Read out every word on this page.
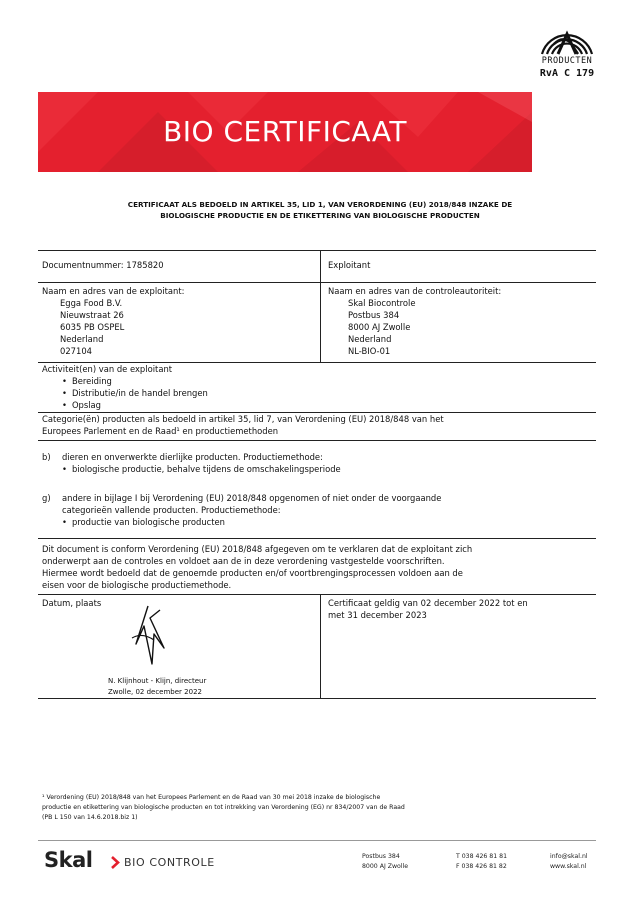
PRODUCTEN
RvA C 179
BIO CERTIFICAAT
CERTIFICAAT ALS BEDOELD IN ARTIKEL 35, LID 1, VAN VERORDENING (EU) 2018/848 INZAKE DE
BIOLOGISCHE PRODUCTIE EN DE ETIKETTERING VAN BIOLOGISCHE PRODUCTEN
Documentnummer: 1785820	Exploitant
Naam en adres van de exploitant:
Egga Food B.V.
Nieuwstraat 26
6035 PB OSPEL
Nederland
027104
Naam en adres van de controleautoriteit:
Skal Biocontrole
Postbus 384
8000 AJ Zwolle
Nederland
NL-BIO-01
Activiteit(en) van de exploitant
• Bereiding
• Distributie/in de handel brengen
• Opslag
Categorie(ën) producten als bedoeld in artikel 35, lid 7, van Verordening (EU) 2018/848 van het
Europees Parlement en de Raad¹ en productiemethoden
b) dieren en onverwerkte dierlijke producten. Productiemethode:
• biologische productie, behalve tijdens de omschakelingsperiode
g) andere in bijlage I bij Verordening (EU) 2018/848 opgenomen of niet onder de voorgaande
categorieën vallende producten. Productiemethode:
• productie van biologische producten
Dit document is conform Verordening (EU) 2018/848 afgegeven om te verklaren dat de exploitant zich
onderwerpt aan de controles en voldoet aan de in deze verordening vastgestelde voorschriften.
Hiermee wordt bedoeld dat de genoemde producten en/of voortbrengingsprocessen voldoen aan de
eisen voor de biologische productiemethode.
Datum, plaats
N. Klijnhout - Klijn, directeur
Zwolle, 02 december 2022
Certificaat geldig van 02 december 2022 tot en
met 31 december 2023
¹ Verordening (EU) 2018/848 van het Europees Parlement en de Raad van 30 mei 2018 inzake de biologische
productie en etikettering van biologische producten en tot intrekking van Verordening (EG) nr 834/2007 van de Raad
(PB L 150 van 14.6.2018.biz 1)
Skal	BIO CONTROLE	Postbus 384
8000 AJ Zwolle
T 038 426 81 81
F 038 426 81 82
info@skal.nl
www.skal.nl
